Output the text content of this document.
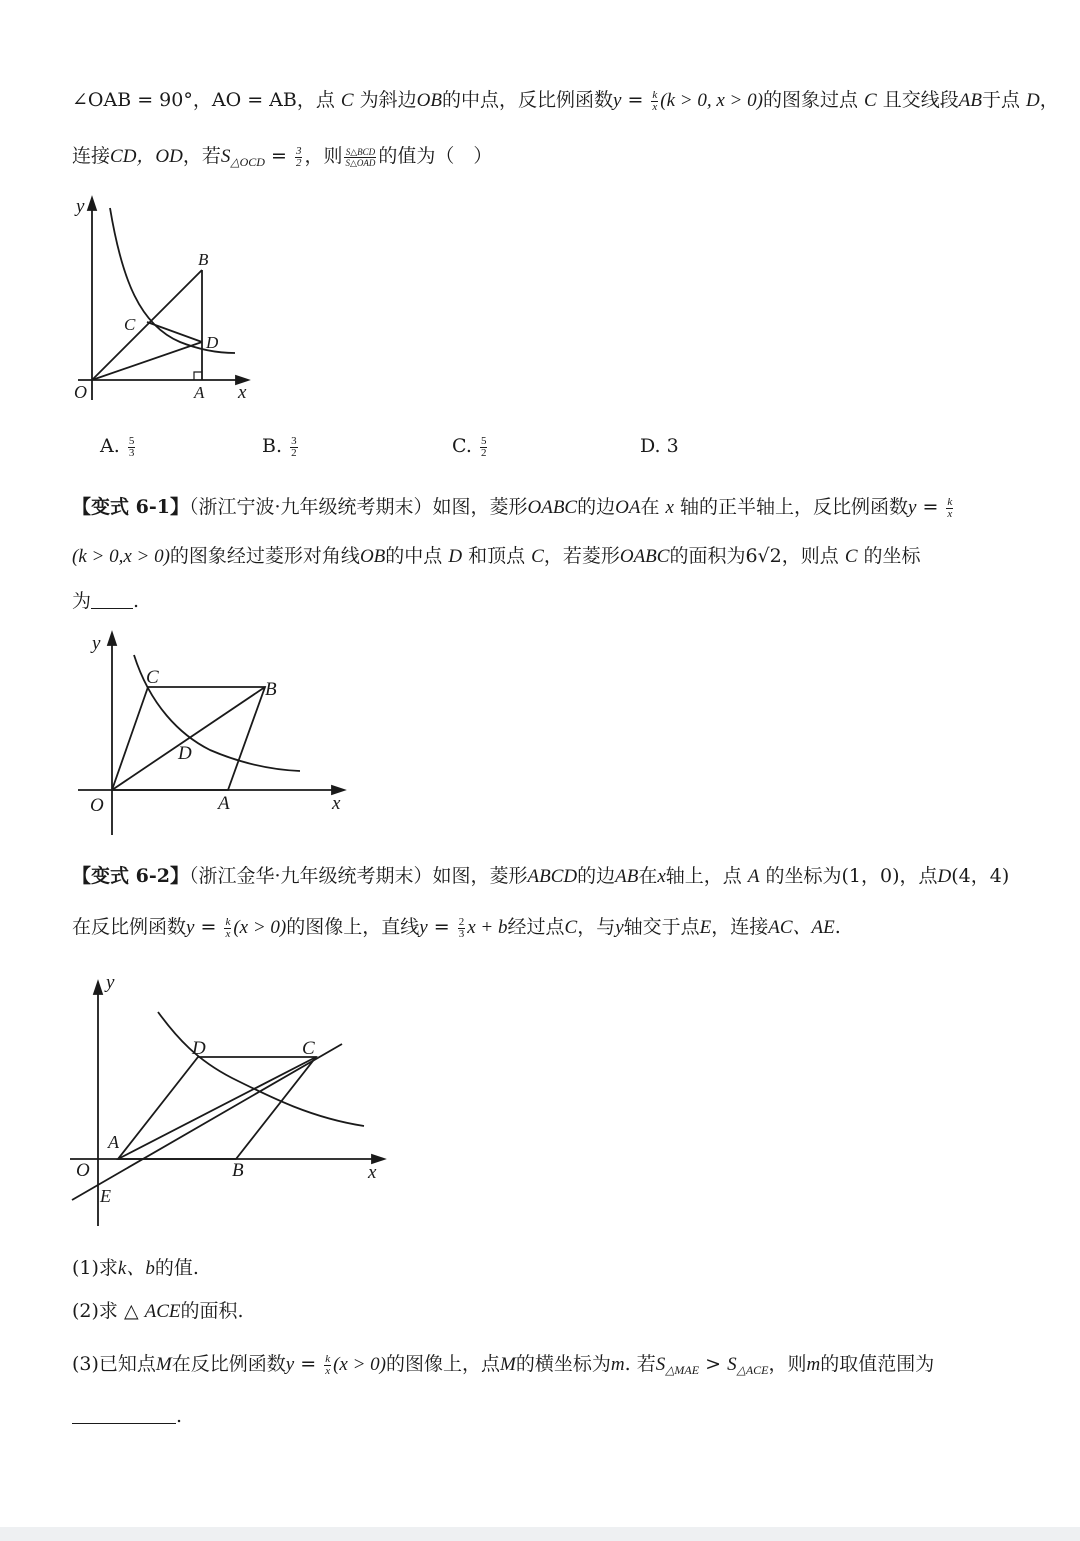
∠OAB = 90°，AO = AB，点 C 为斜边OB的中点，反比例函数$y = \frac{k}{x} (k > 0$, x > 0)的图象过点 C 且交线段AB于点 D，
连接CD，OD，若$S_{\triangle OCD} = \frac{3}{2}$ ，则 $\frac{\text{S△BCD}}{\text{S△OAD}}$ 的值为（　）
y
B
C
D
O	A x
A. $\frac{5}{3}$	B. $\frac{3}{2}$	C. $\frac{5}{2}$	D. 3
【变式 6-1】（浙江宁波·九年级统考期末）如图，菱形OABC的边OA在 x 轴的正半轴上，反比例函数$y = \frac{k}{x}$
(k > 0,x > 0)的图象经过菱形对角线OB的中点 D 和顶点 C，若菱形OABC的面积为6√2，则点 C 的坐标
为 .
y
C
B
D
O	A	x
【变式 6-2】（浙江金华·九年级统考期末）如图，菱形ABCD的边AB在x轴上，点 A 的坐标为(1，0)，点D(4，4)
在反比例函数$y = \frac{k}{x} (x > 0)$的图像上，直线$y = \frac{2}{3}$ x + b经过点C，与y轴交于点E，连接AC、AE.
y
D	C
A
O	B	x
E
(1)求k、b的值.
(2)求 △ ACE的面积.
(3)已知点M在反比例函数$y = \frac{k}{x} (x > 0)$的图像上，点M的横坐标为m. 若$S_{\triangle MAE} > S_{\triangle ACE}$，则m的取值范围为
.
